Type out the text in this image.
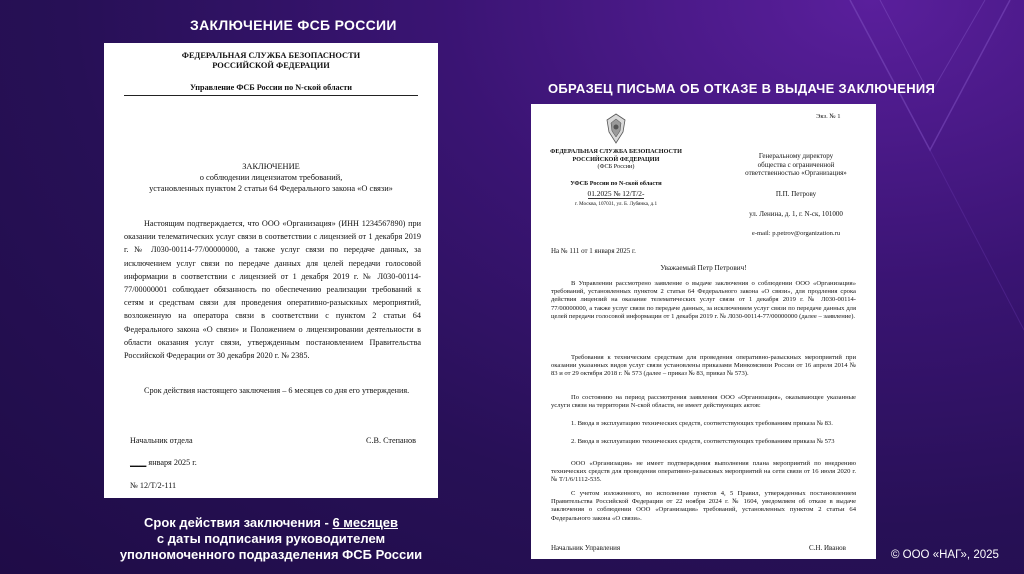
ЗАКЛЮЧЕНИЕ ФСБ РОССИИ
ФЕДЕРАЛЬНАЯ СЛУЖБА БЕЗОПАСНОСТИ
РОССИЙСКОЙ ФЕДЕРАЦИИ
Управление ФСБ России по N-ской области
ЗАКЛЮЧЕНИЕ
о соблюдении лицензиатом требований,
установленных пунктом 2 статьи 64 Федерального закона «О связи»
Настоящим подтверждается, что ООО «Организация» (ИНН 1234567890) при оказании телематических услуг связи в соответствии с лицензией от 1 декабря 2019 г. № Л030-00114-77/00000000, а также услуг связи по передаче данных, за исключением услуг связи по передаче данных для целей передачи голосовой информации в соответствии с лицензией от 1 декабря 2019 г. № Л030-00114-77/00000001 соблюдает обязанность по обеспечению реализации требований к сетям и средствам связи для проведения оперативно-разыскных мероприятий, возложенную на оператора связи в соответствии с пунктом 2 статьи 64 Федерального закона «О связи» и Положением о лицензировании деятельности в области оказания услуг связи, утвержденным постановлением Правительства Российской Федерации от 30 декабря 2020 г. № 2385.
Срок действия настоящего заключения – 6 месяцев со дня его утверждения.
Начальник отдела	С.В. Степанов
____ января 2025 г.
№ 12/Т/2-111
Срок действия заключения - 6 месяцев
с даты подписания руководителем
уполномоченного подразделения ФСБ России
ОБРАЗЕЦ ПИСЬМА ОБ ОТКАЗЕ В ВЫДАЧЕ ЗАКЛЮЧЕНИЯ
Экз. № 1
ФЕДЕРАЛЬНАЯ СЛУЖБА БЕЗОПАСНОСТИ
РОССИЙСКОЙ ФЕДЕРАЦИИ
(ФСБ России)
УФСБ России по N-ской области
01.2025 № 12/Т/2-
г. Москва, 107031, ул. Б. Лубянка, д.1
Генеральному директору
общества с ограниченной
ответственностью «Организация»
П.П. Петрову
ул. Ленина, д. 1, г. N-ск, 101000
e-mail: p.petrov@organization.ru
На № 111 от 1 января 2025 г.
Уважаемый Петр Петрович!
В Управлении рассмотрено заявление о выдаче заключения о соблюдении ООО «Организация» требований, установленных пунктом 2 статьи 64 Федерального закона «О связи», для продления срока действия лицензий на оказание телематических услуг связи от 1 декабря 2019 г. № Л030-00114-77/00000000, а также услуг связи по передаче данных, за исключением услуг связи по передаче данных для целей передачи голосовой информации от 1 декабря 2019 г. № Л030-00114-77/00000000 (далее – заявление).
Требования к техническим средствам для проведения оперативно-разыскных мероприятий при оказании указанных видов услуг связи установлены приказами Минкомсвязи России от 16 апреля 2014 № 83 и от 29 октября 2018 г. № 573 (далее – приказ № 83, приказ № 573).
По состоянию на период рассмотрения заявления ООО «Организация», оказывающее указанные услуги связи на территории N-ской области, не имеет действующих актов:
1. Ввода в эксплуатацию технических средств, соответствующих требованиям приказа № 83.
2. Ввода в эксплуатацию технических средств, соответствующих требованиям приказа № 573
ООО «Организация» не имеет подтверждения выполнения плана мероприятий по внедрению технических средств для проведения оперативно-разыскных мероприятий на сети связи от 16 июля 2020 г. № Т/1/6/1112-535.
С учетом изложенного, во исполнение пунктов 4, 5 Правил, утвержденных постановлением Правительства Российской Федерации от 22 ноября 2024 г. № 1604, уведомляем об отказе в выдаче заключения о соблюдении ООО «Организация» требований, установленных пунктом 2 статьи 64 Федерального закона «О связи».
Начальник Управления	С.Н. Иванов
© ООО «НАГ», 2025
